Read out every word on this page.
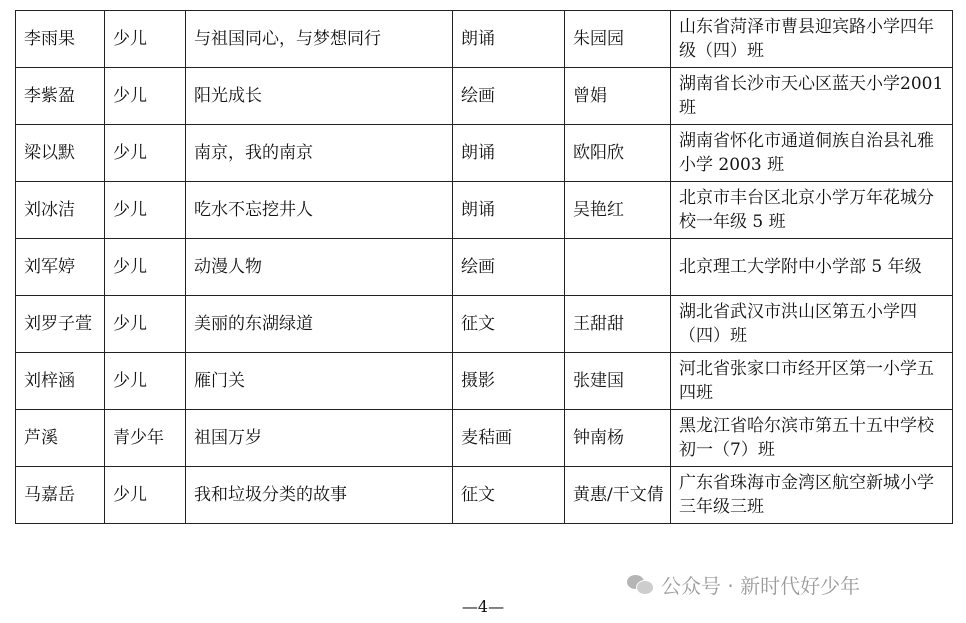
李雨果	少儿	与祖国同心，与梦想同行	朗诵	朱园园	山东省菏泽市曹县迎宾路小学四年级（四）班
李紫盈	少儿	阳光成长	绘画	曾娟	湖南省长沙市天心区蓝天小学2001 班
梁以默	少儿	南京，我的南京	朗诵	欧阳欣	湖南省怀化市通道侗族自治县礼雅小学 2003 班
刘冰洁	少儿	吃水不忘挖井人	朗诵	吴艳红	北京市丰台区北京小学万年花城分校一年级 5 班
刘军婷	少儿	动漫人物	绘画		北京理工大学附中小学部 5 年级
刘罗子萱	少儿	美丽的东湖绿道	征文	王甜甜	湖北省武汉市洪山区第五小学四（四）班
刘梓涵	少儿	雁门关	摄影	张建国	河北省张家口市经开区第一小学五四班
芦溪	青少年	祖国万岁	麦秸画	钟南杨	黑龙江省哈尔滨市第五十五中学校初一（7）班
马嘉岳	少儿	我和垃圾分类的故事	征文	黄惠/干文倩	广东省珠海市金湾区航空新城小学三年级三班
公众号 · 新时代好少年
—4—
